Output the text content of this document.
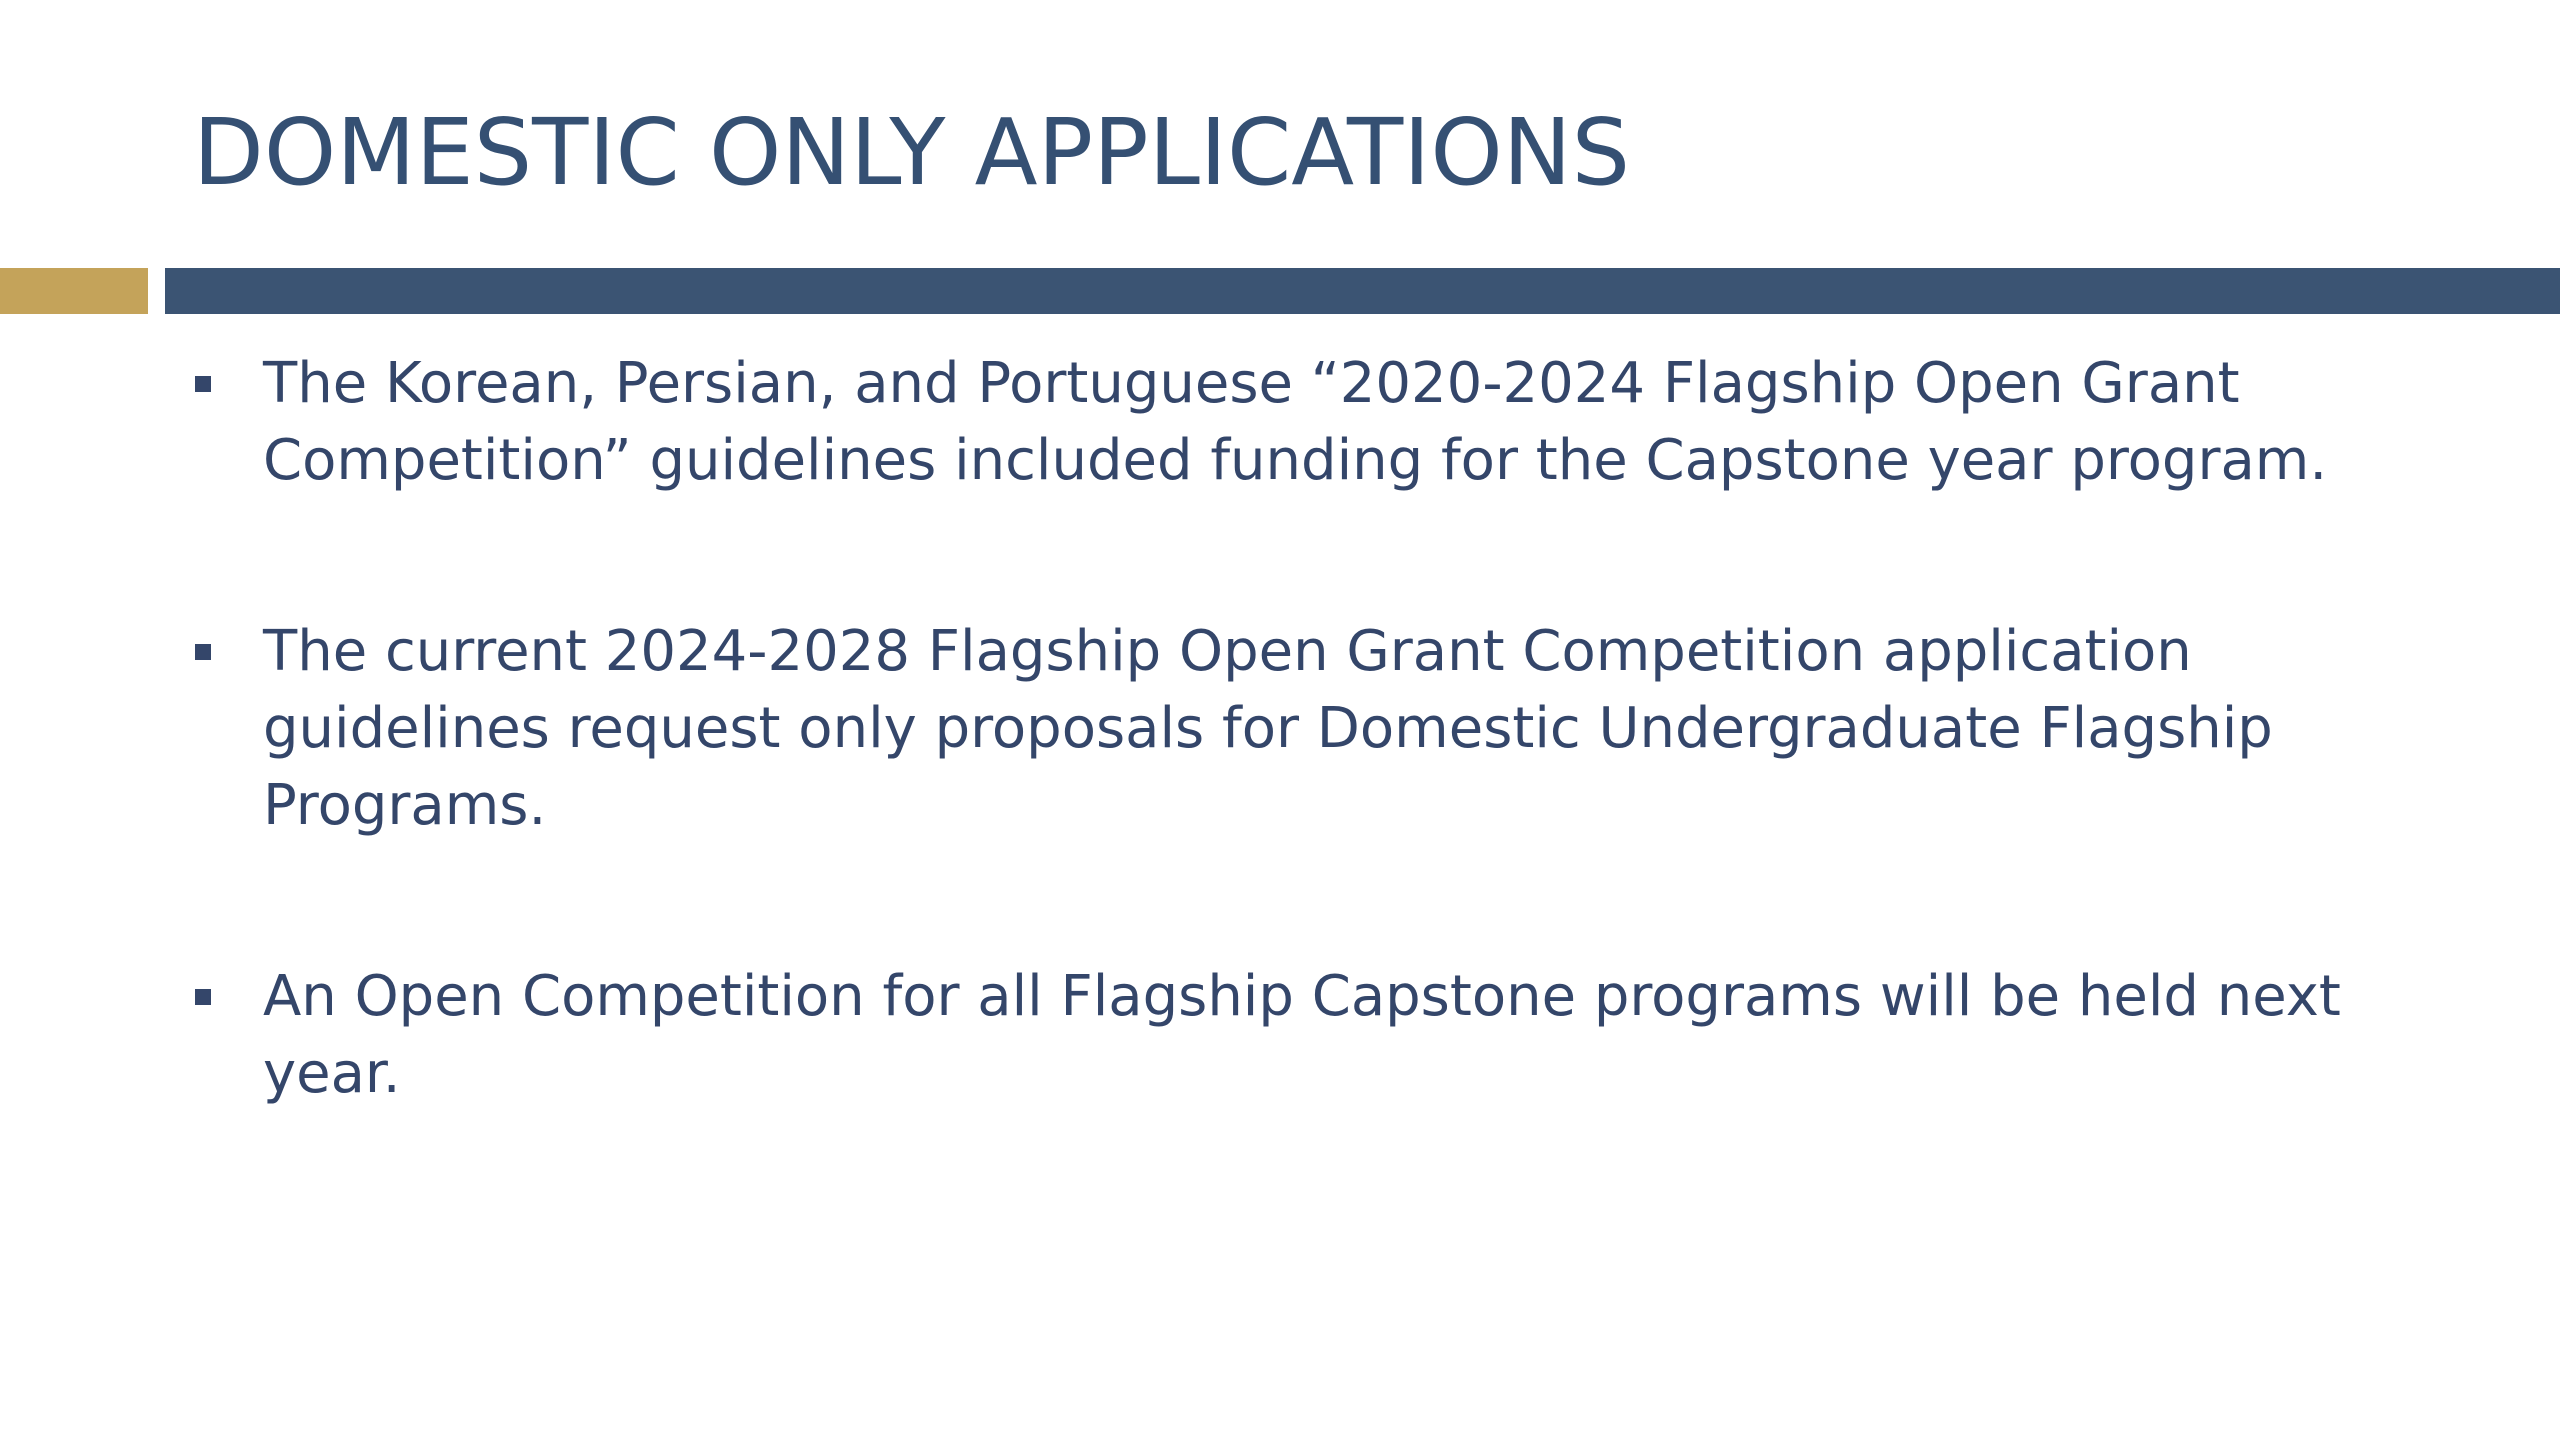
DOMESTIC ONLY APPLICATIONS
The Korean, Persian, and Portuguese “2020-2024 Flagship Open Grant Competition” guidelines included funding for the Capstone year program.
The current 2024-2028 Flagship Open Grant Competition application guidelines request only proposals for Domestic Undergraduate Flagship Programs.
An Open Competition for all Flagship Capstone programs will be held next year.
